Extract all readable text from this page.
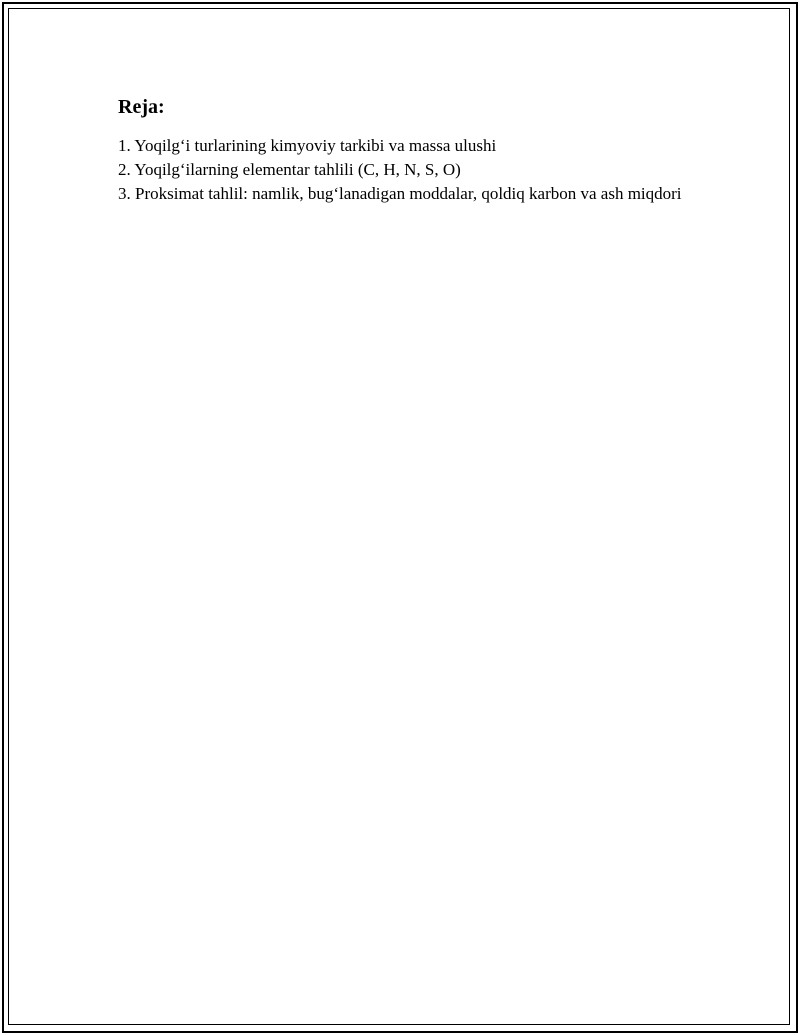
Reja:

1. Yoqilg‘i turlarining kimyoviy tarkibi va massa ulushi

2. Yoqilg‘ilarning elementar tahlili (C, H, N, S, O)

3. Proksimat tahlil: namlik, bug‘lanadigan moddalar, qoldiq karbon va ash miqdori
